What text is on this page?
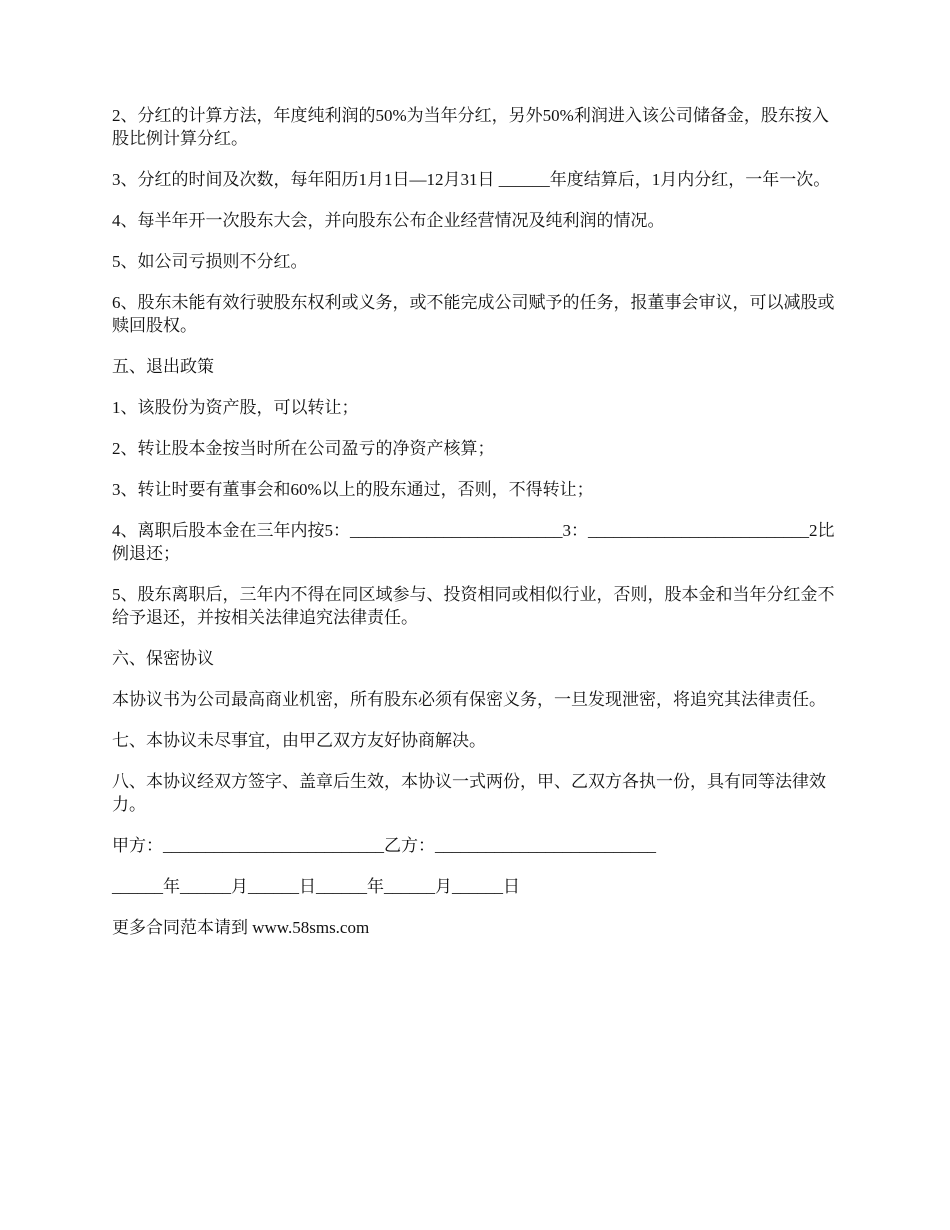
2、分红的计算方法，年度纯利润的50%为当年分红，另外50%利润进入该公司储备金，股东按入股比例计算分红。

3、分红的时间及次数，每年阳历1月1日—12月31日 ______年度结算后，1月内分红，一年一次。

4、每半年开一次股东大会，并向股东公布企业经营情况及纯利润的情况。

5、如公司亏损则不分红。

6、股东未能有效行驶股东权利或义务，或不能完成公司赋予的任务，报董事会审议，可以减股或赎回股权。

五、退出政策

1、该股份为资产股，可以转让；

2、转让股本金按当时所在公司盈亏的净资产核算；

3、转让时要有董事会和60%以上的股东通过，否则，不得转让；

4、离职后股本金在三年内按5：_________________________3：__________________________2比例退还；

5、股东离职后，三年内不得在同区域参与、投资相同或相似行业，否则，股本金和当年分红金不给予退还，并按相关法律追究法律责任。

六、保密协议

本协议书为公司最高商业机密，所有股东必须有保密义务，一旦发现泄密，将追究其法律责任。

七、本协议未尽事宜，由甲乙双方友好协商解决。

八、本协议经双方签字、盖章后生效，本协议一式两份，甲、乙双方各执一份，具有同等法律效力。

甲方：__________________________乙方：__________________________

______年______月______日______年______月______日

更多合同范本请到 www.58sms.com
